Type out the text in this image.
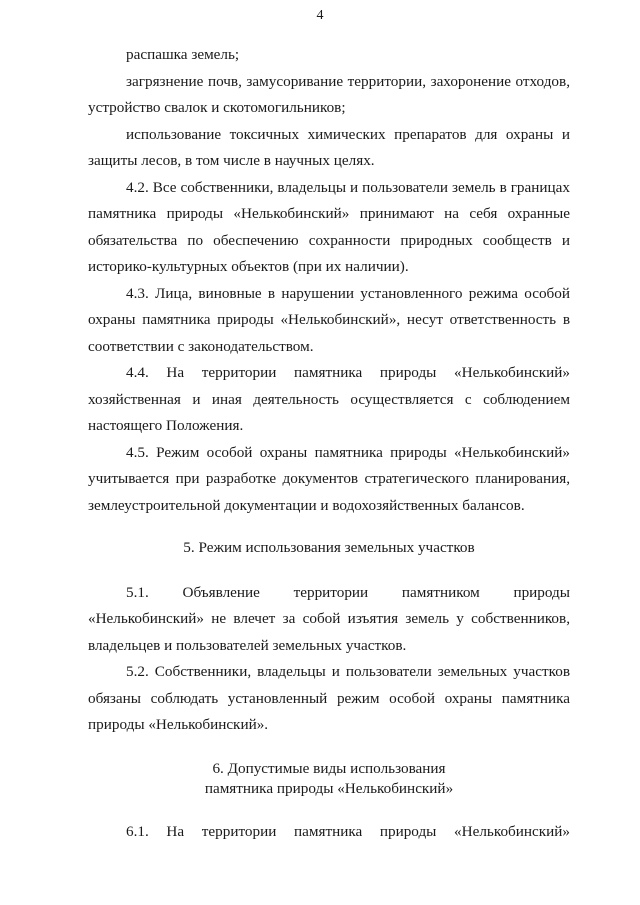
4

распашка земель;

загрязнение почв, замусоривание территории, захоронение отходов, устройство свалок и скотомогильников;

использование токсичных химических препаратов для охраны и защиты лесов, в том числе в научных целях.

4.2. Все собственники, владельцы и пользователи земель в границах памятника природы «Нелькобинский» принимают на себя охранные обязательства по обеспечению сохранности природных сообществ и историко-культурных объектов (при их наличии).

4.3. Лица, виновные в нарушении установленного режима особой охраны памятника природы «Нелькобинский», несут ответственность в соответствии с законодательством.

4.4. На территории памятника природы «Нелькобинский» хозяйственная и иная деятельность осуществляется с соблюдением настоящего Положения.

4.5. Режим особой охраны памятника природы «Нелькобинский» учитывается при разработке документов стратегического планирования, землеустроительной документации и водохозяйственных балансов.

5. Режим использования земельных участков

5.1. Объявление территории памятником природы «Нелькобинский» не влечет за собой изъятия земель у собственников, владельцев и пользователей земельных участков.

5.2. Собственники, владельцы и пользователи земельных участков обязаны соблюдать установленный режим особой охраны памятника природы «Нелькобинский».

6. Допустимые виды использования
памятника природы «Нелькобинский»

6.1. На территории памятника природы «Нелькобинский»
